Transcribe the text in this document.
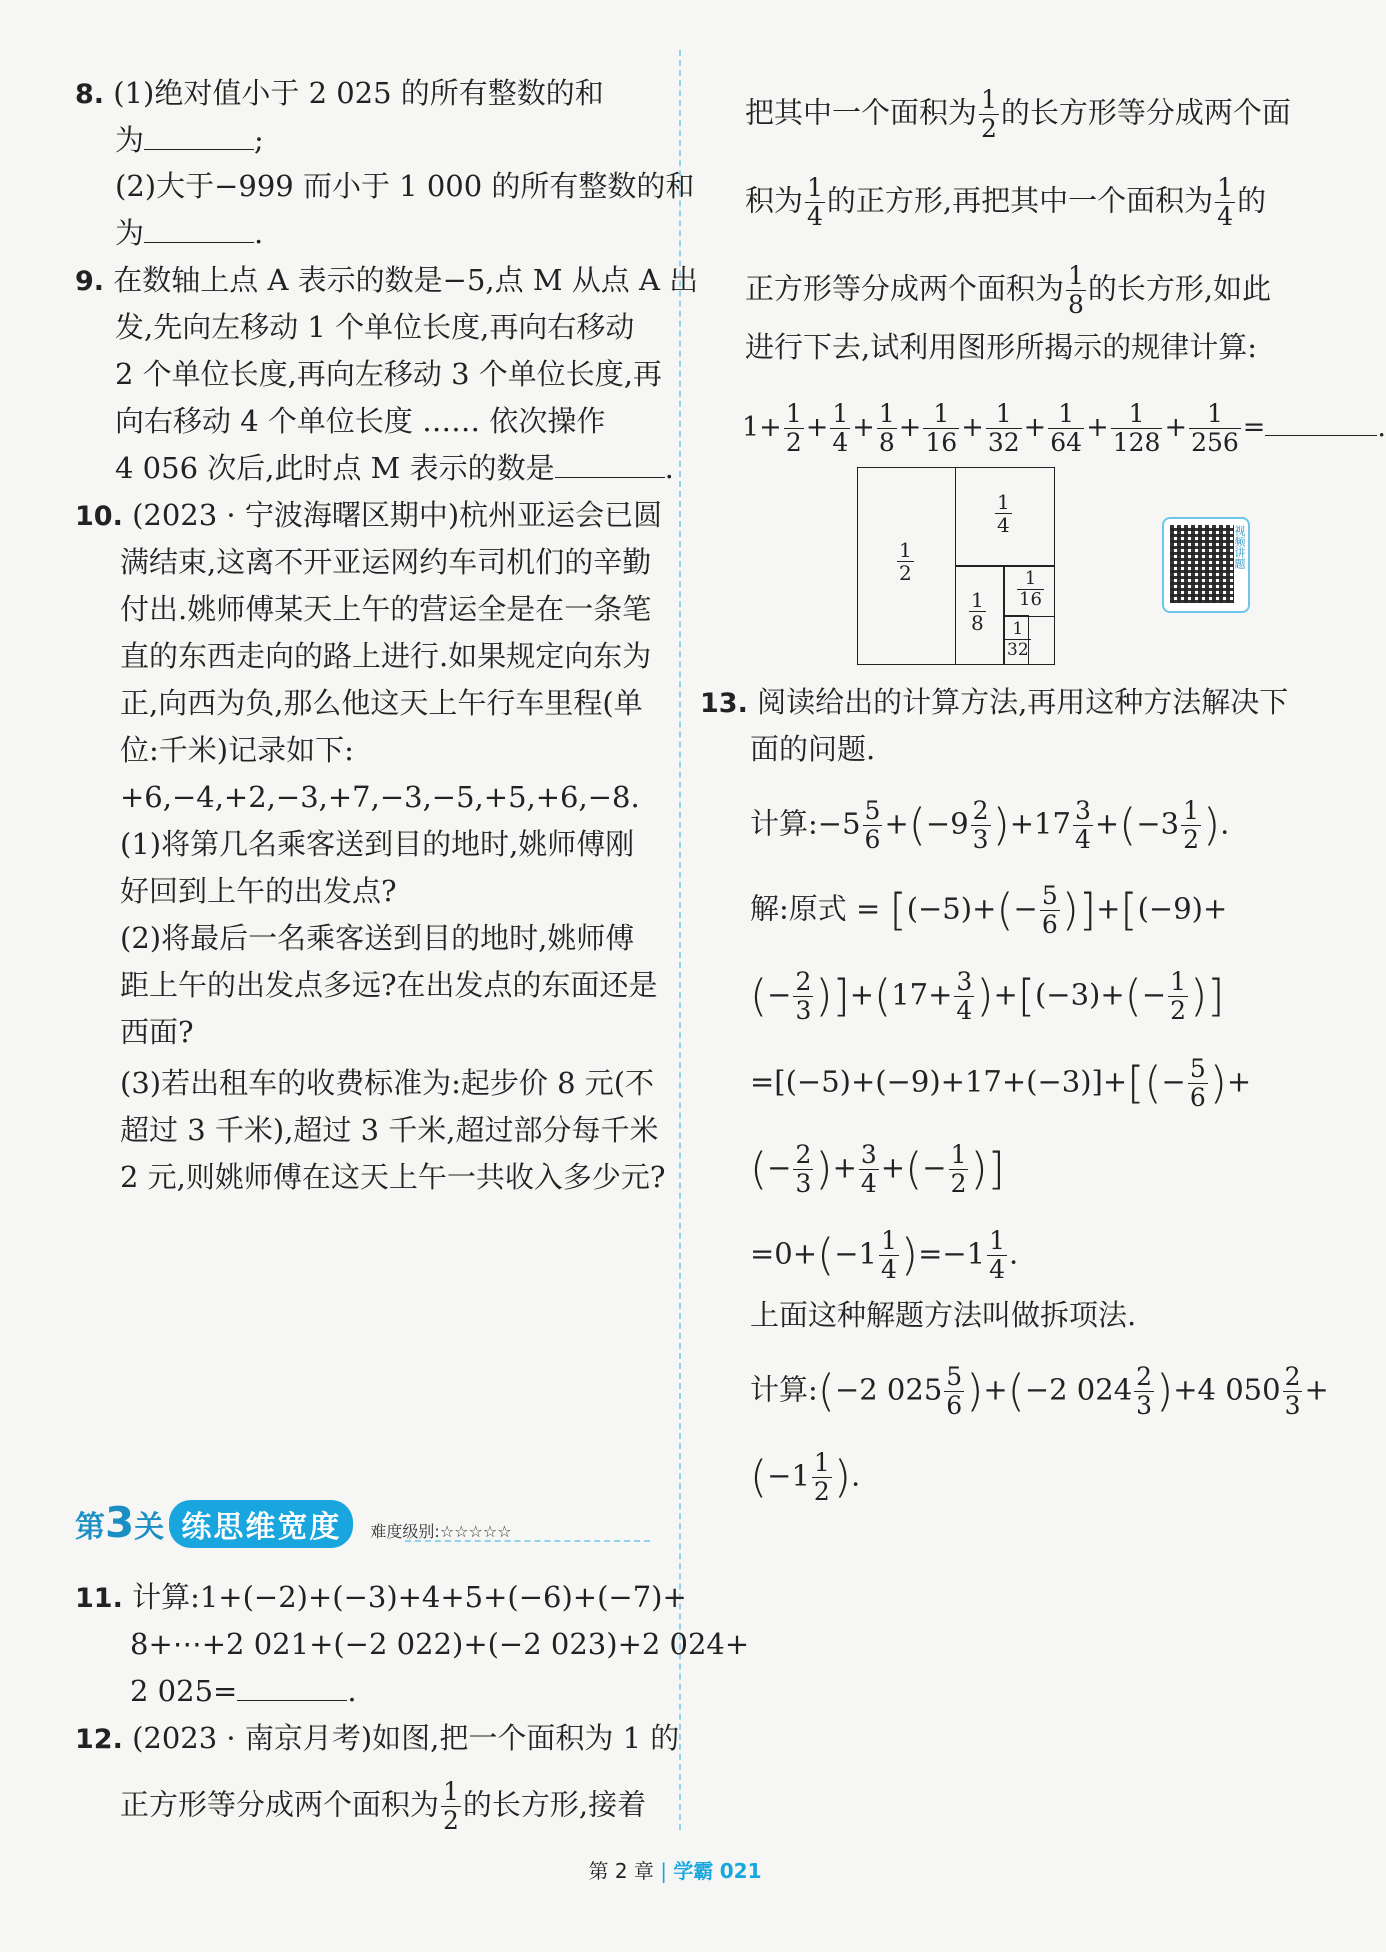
8. (1)绝对值小于 2 025 的所有整数的和
为	;
(2)大于−999 而小于 1 000 的所有整数的和
为	.
9. 在数轴上点 A 表示的数是−5,点 M 从点 A 出
发,先向左移动 1 个单位长度,再向右移动
2 个单位长度,再向左移动 3 个单位长度,再
向右移动 4 个单位长度 …… 依次操作
4 056 次后,此时点 M 表示的数是	.
10. (2023 · 宁波海曙区期中)杭州亚运会已圆
满结束,这离不开亚运网约车司机们的辛勤
付出.姚师傅某天上午的营运全是在一条笔
直的东西走向的路上进行.如果规定向东为
正,向西为负,那么他这天上午行车里程(单
位:千米)记录如下:
+6,−4,+2,−3,+7,−3,−5,+5,+6,−8.
(1)将第几名乘客送到目的地时,姚师傅刚
好回到上午的出发点?
(2)将最后一名乘客送到目的地时,姚师傅
距上午的出发点多远?在出发点的东面还是
西面?
(3)若出租车的收费标准为:起步价 8 元(不
超过 3 千米),超过 3 千米,超过部分每千米
2 元,则姚师傅在这天上午一共收入多少元?
第3关 练思维宽度 难度级别:☆☆☆☆☆
11. 计算:1+(−2)+(−3)+4+5+(−6)+(−7)+
8+⋯+2 021+(−2 022)+(−2 023)+2 024+
2 025=	.
12. (2023 · 南京月考)如图,把一个面积为 1 的
正方形等分成两个面积为 $\frac{1}{2}$ 的长方形,接着
把其中一个面积为 $\frac{1}{2}$ 的长方形等分成两个面
积为 $\frac{1}{4}$ 的正方形,再把其中一个面积为 $\frac{1}{4}$ 的
正方形等分成两个面积为 $\frac{1}{8}$ 的长方形,如此
进行下去,试利用图形所揭示的规律计算:
$1+ \frac{1}{2} + \frac{1}{4} + \frac{1}{8} + \frac{1}{16} + \frac{1}{32} + \frac{1}{64} + \frac{1}{128} + \frac{1}{256}$ =	.
$\frac{1}{2}$
$\frac{1}{4}$
$\frac{1}{8} \frac{1}{16}$
$\frac{1}{32}$
视频讲题
13. 阅读给出的计算方法,再用这种方法解决下
面的问题.
计算:−5 $\frac{5}{6} +(-9 \frac{2}{3} )+17 \frac{3}{4} +(-3 \frac{1}{2}$ ).
解:原式 = $[(-5)+(- \frac{5}{6} )]+[(-9)+$
(− $\frac{2}{3} )]+(17+ \frac{3}{4} )+[(-3)+(- \frac{1}{2}$ )]
$=[(-5)+(-9)+17+(-3)]+[(- \frac{5}{6}$ )+
(− $\frac{2}{3}$ )+ $\frac{3}{4}$ +(− $\frac{1}{2}$ )]
$=0+(-1 \frac{1}{4} )=-1 \frac{1}{4}$ .
上面这种解题方法叫做拆项法.
计算:(−2 $025 \frac{5}{6} )+(-2$ $024 \frac{2}{3} )+4$ $050 \frac{2}{3}$ +
($-1 \frac{1}{2}$ ).
第 2 章 | 学霸 021
